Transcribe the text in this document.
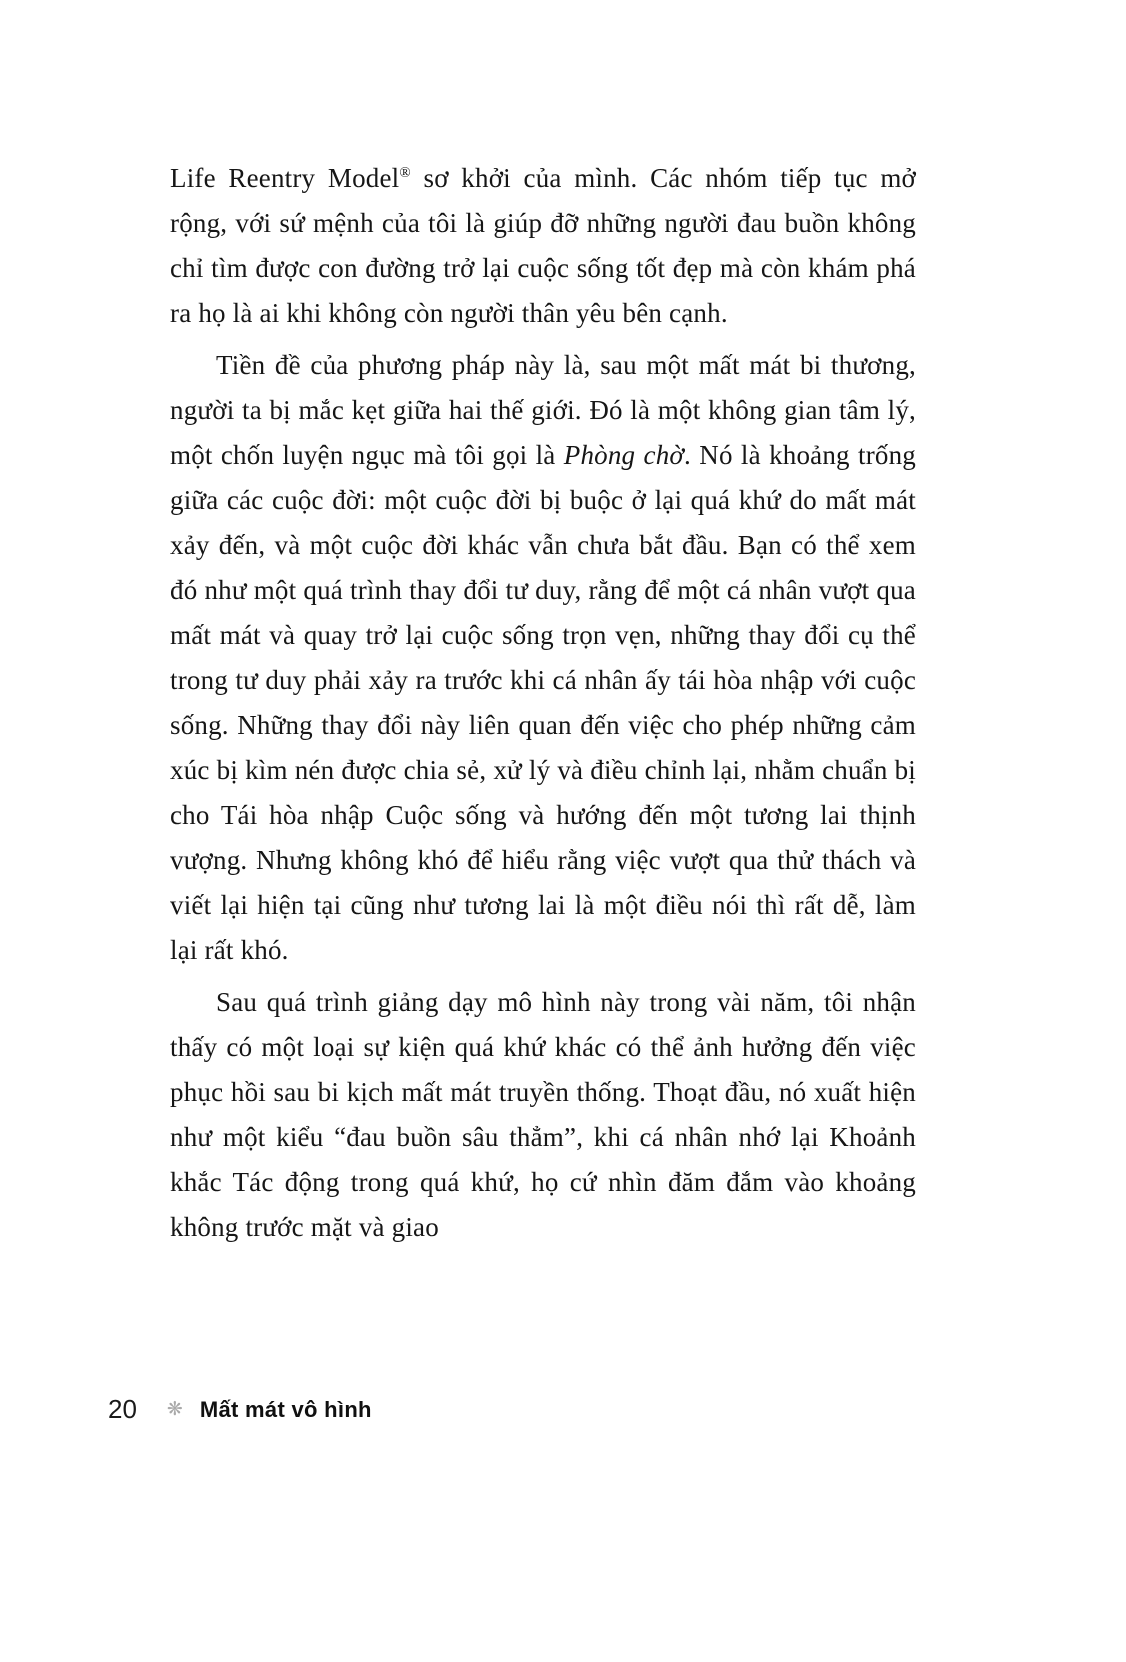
Life Reentry Model® sơ khởi của mình. Các nhóm tiếp tục mở rộng, với sứ mệnh của tôi là giúp đỡ những người đau buồn không chỉ tìm được con đường trở lại cuộc sống tốt đẹp mà còn khám phá ra họ là ai khi không còn người thân yêu bên cạnh.

Tiền đề của phương pháp này là, sau một mất mát bi thương, người ta bị mắc kẹt giữa hai thế giới. Đó là một không gian tâm lý, một chốn luyện ngục mà tôi gọi là Phòng chờ. Nó là khoảng trống giữa các cuộc đời: một cuộc đời bị buộc ở lại quá khứ do mất mát xảy đến, và một cuộc đời khác vẫn chưa bắt đầu. Bạn có thể xem đó như một quá trình thay đổi tư duy, rằng để một cá nhân vượt qua mất mát và quay trở lại cuộc sống trọn vẹn, những thay đổi cụ thể trong tư duy phải xảy ra trước khi cá nhân ấy tái hòa nhập với cuộc sống. Những thay đổi này liên quan đến việc cho phép những cảm xúc bị kìm nén được chia sẻ, xử lý và điều chỉnh lại, nhằm chuẩn bị cho Tái hòa nhập Cuộc sống và hướng đến một tương lai thịnh vượng. Nhưng không khó để hiểu rằng việc vượt qua thử thách và viết lại hiện tại cũng như tương lai là một điều nói thì rất dễ, làm lại rất khó.

Sau quá trình giảng dạy mô hình này trong vài năm, tôi nhận thấy có một loại sự kiện quá khứ khác có thể ảnh hưởng đến việc phục hồi sau bi kịch mất mát truyền thống. Thoạt đầu, nó xuất hiện như một kiểu “đau buồn sâu thẳm”, khi cá nhân nhớ lại Khoảnh khắc Tác động trong quá khứ, họ cứ nhìn đăm đắm vào khoảng không trước mặt và giao

20 ❋ Mất mát vô hình
